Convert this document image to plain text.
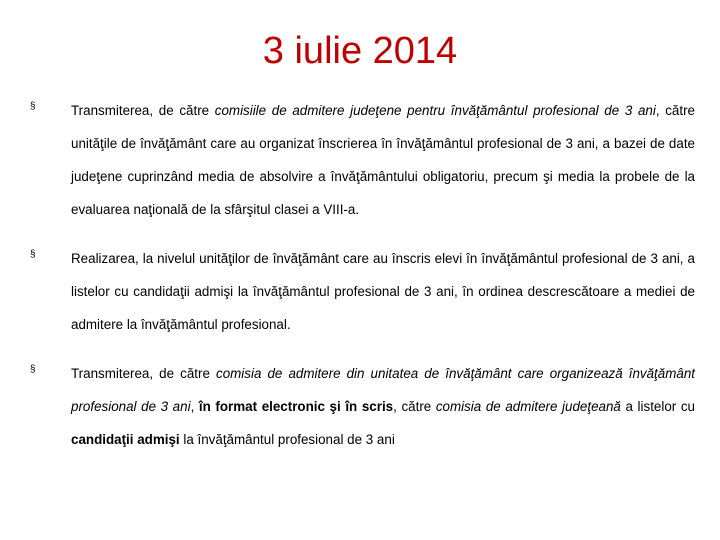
3 iulie 2014
§	Transmiterea, de către comisiile de admitere judeţene pentru învăţământul profesional de 3 ani, către unităţile de învăţământ care au organizat înscrierea în învăţământul profesional de 3 ani, a bazei de date judeţene cuprinzând media de absolvire a învăţământului obligatoriu, precum şi media la probele de la evaluarea naţională de la sfârşitul clasei a VIII-a.
§	Realizarea, la nivelul unităţilor de învăţământ care au înscris elevi în învăţământul profesional de 3 ani, a listelor cu candidaţii admişi la învăţământul profesional de 3 ani, în ordinea descrescătoare a mediei de admitere la învăţământul profesional.
§	Transmiterea, de către comisia de admitere din unitatea de învăţământ care organizează învăţământ profesional de 3 ani, în format electronic şi în scris, către comisia de admitere judeţeană a listelor cu candidaţii admişi la învăţământul profesional de 3 ani
